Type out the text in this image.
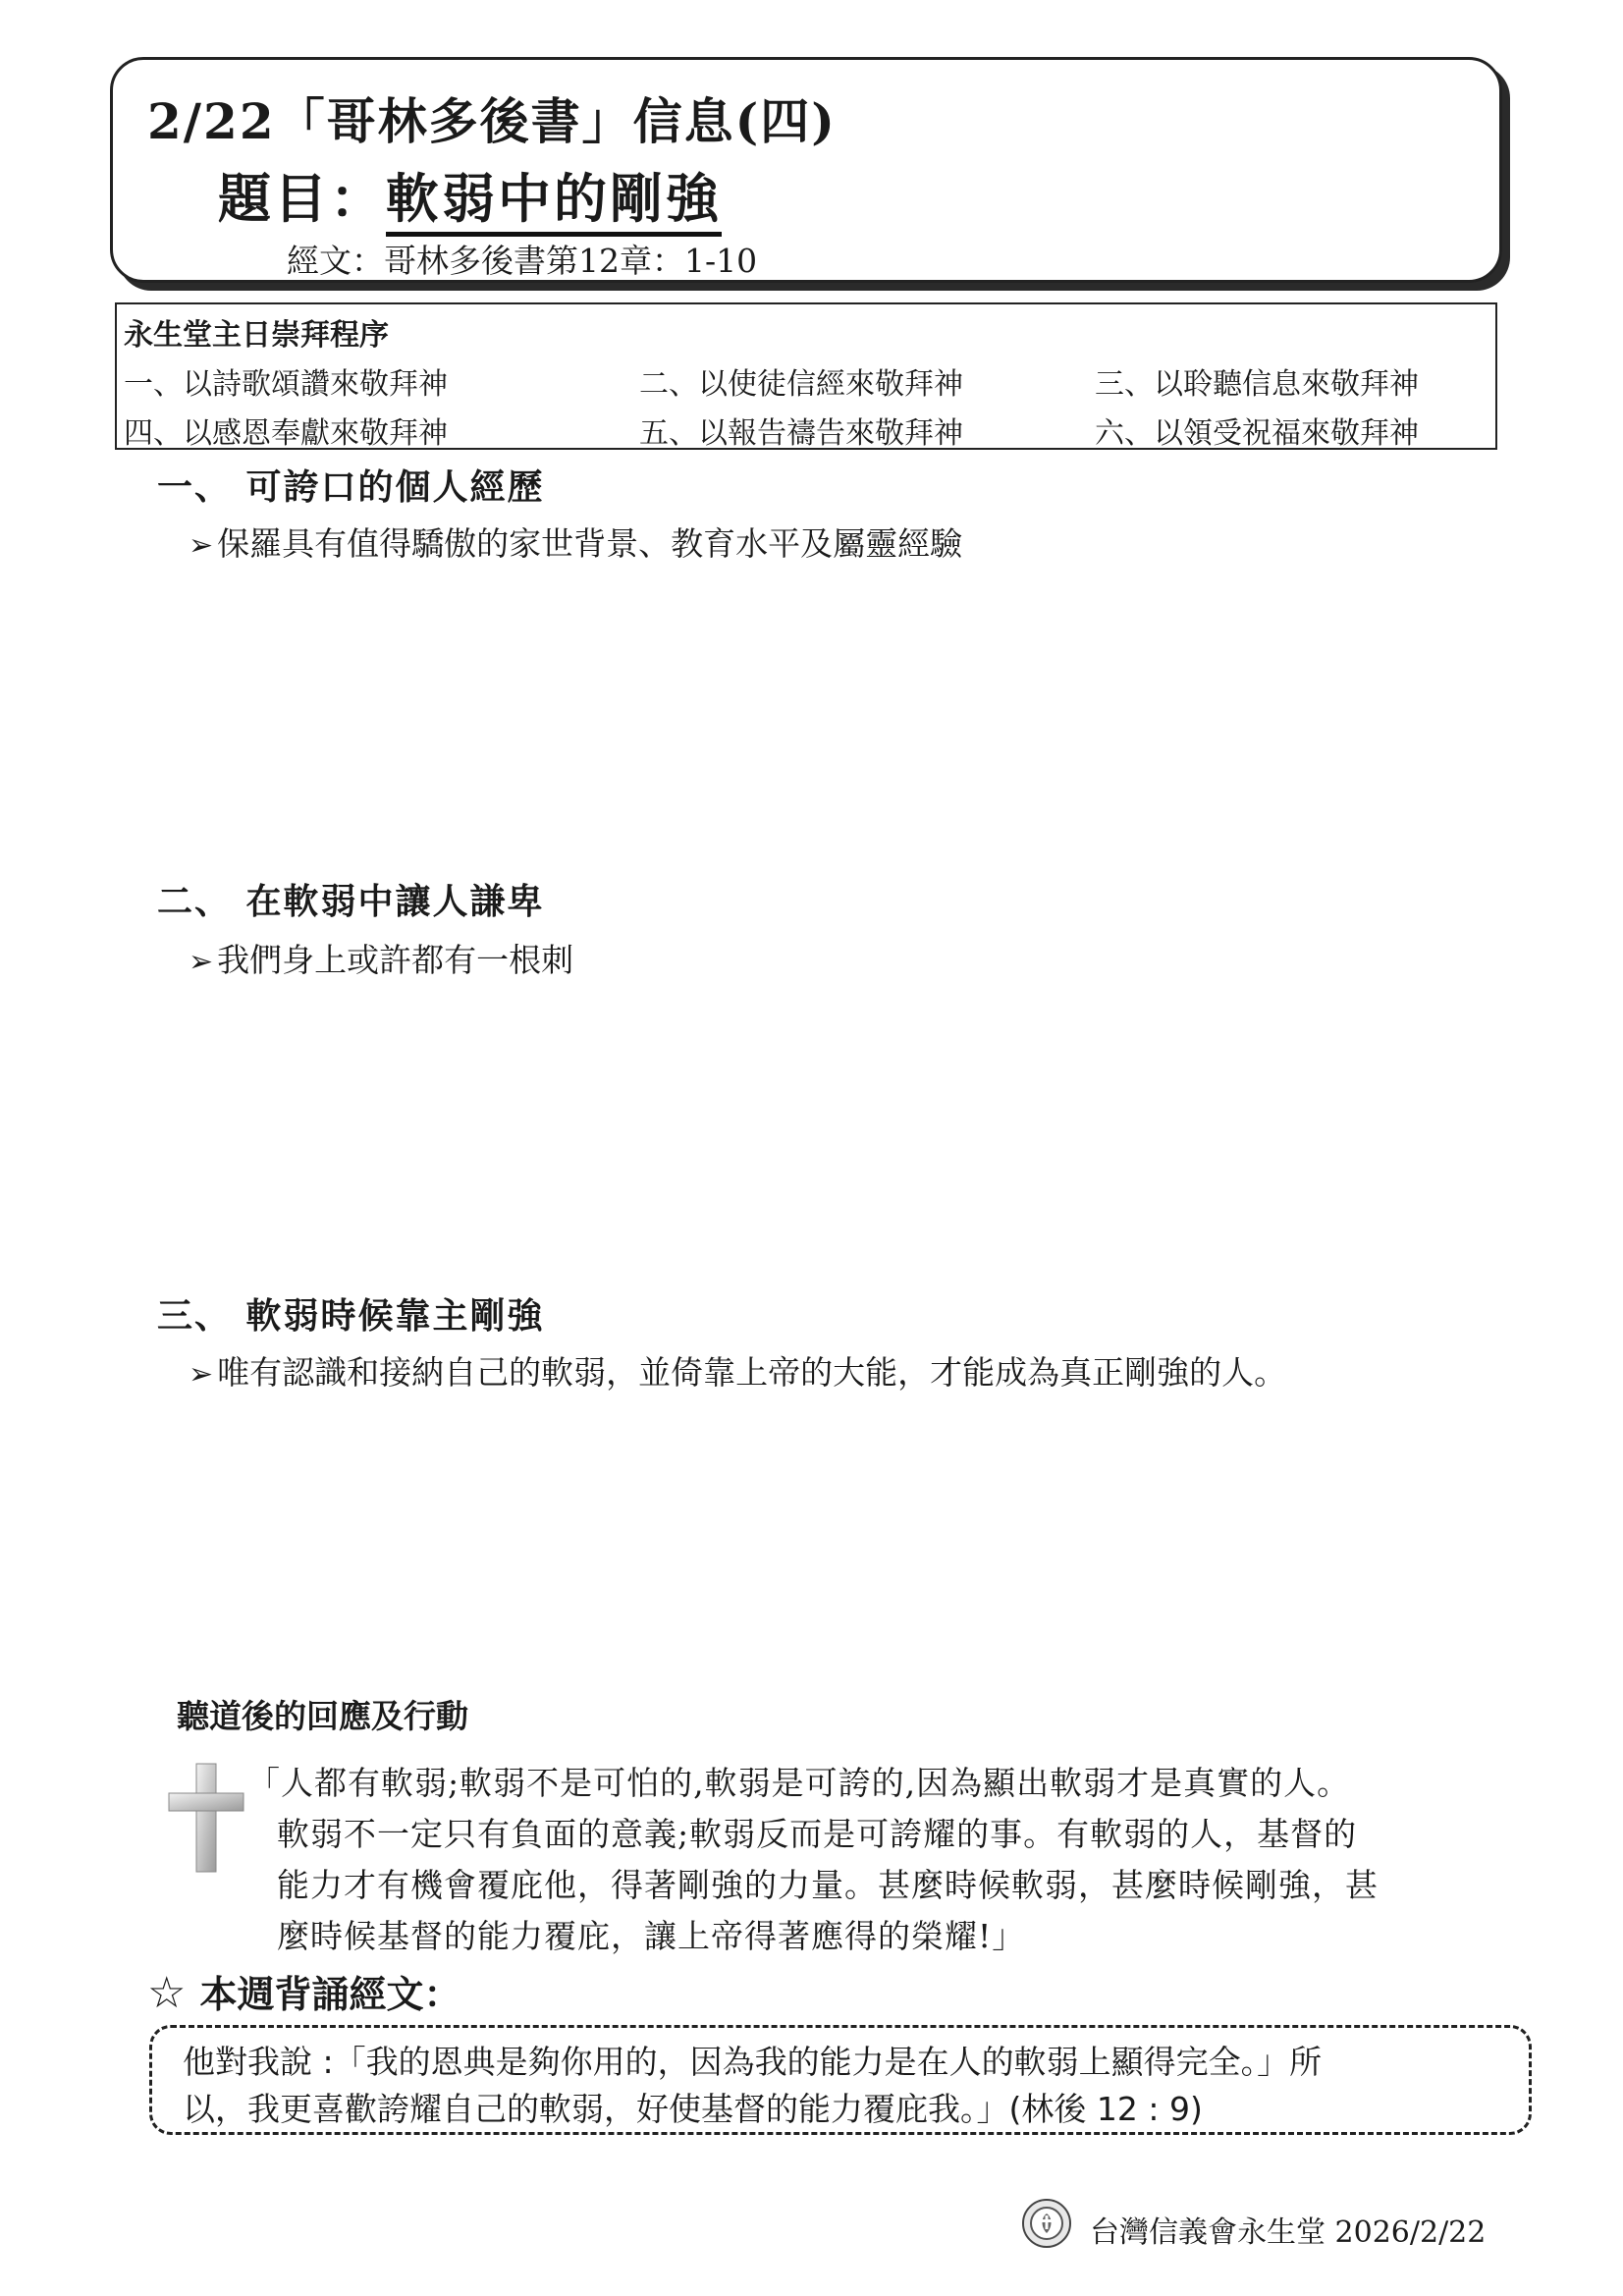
2/22「哥林多後書」信息(四)
題目：軟弱中的剛強
經文：哥林多後書第12章：1-10
永生堂主日崇拜程序
一、以詩歌頌讚來敬拜神	二、以使徒信經來敬拜神	三、以聆聽信息來敬拜神
四、以感恩奉獻來敬拜神	五、以報告禱告來敬拜神	六、以領受祝福來敬拜神
一、 可誇口的個人經歷
➢ 保羅具有值得驕傲的家世背景、教育水平及屬靈經驗
二、 在軟弱中讓人謙卑
➢ 我們身上或許都有一根刺
三、 軟弱時候靠主剛強
➢ 唯有認識和接納自己的軟弱，並倚靠上帝的大能，才能成為真正剛強的人。
聽道後的回應及行動
「人都有軟弱;軟弱不是可怕的,軟弱是可誇的,因為顯出軟弱才是真實的人。
軟弱不一定只有負面的意義;軟弱反而是可誇耀的事。有軟弱的人，基督的
能力才有機會覆庇他，得著剛強的力量。甚麼時候軟弱，甚麼時候剛強，甚
麼時候基督的能力覆庇，讓上帝得著應得的榮耀!」
☆ 本週背誦經文：
他對我說 :「我的恩典是夠你用的，因為我的能力是在人的軟弱上顯得完全。」所
以，我更喜歡誇耀自己的軟弱，好使基督的能力覆庇我。」(林後 12 : 9)
台灣信義會永生堂 2026/2/22
